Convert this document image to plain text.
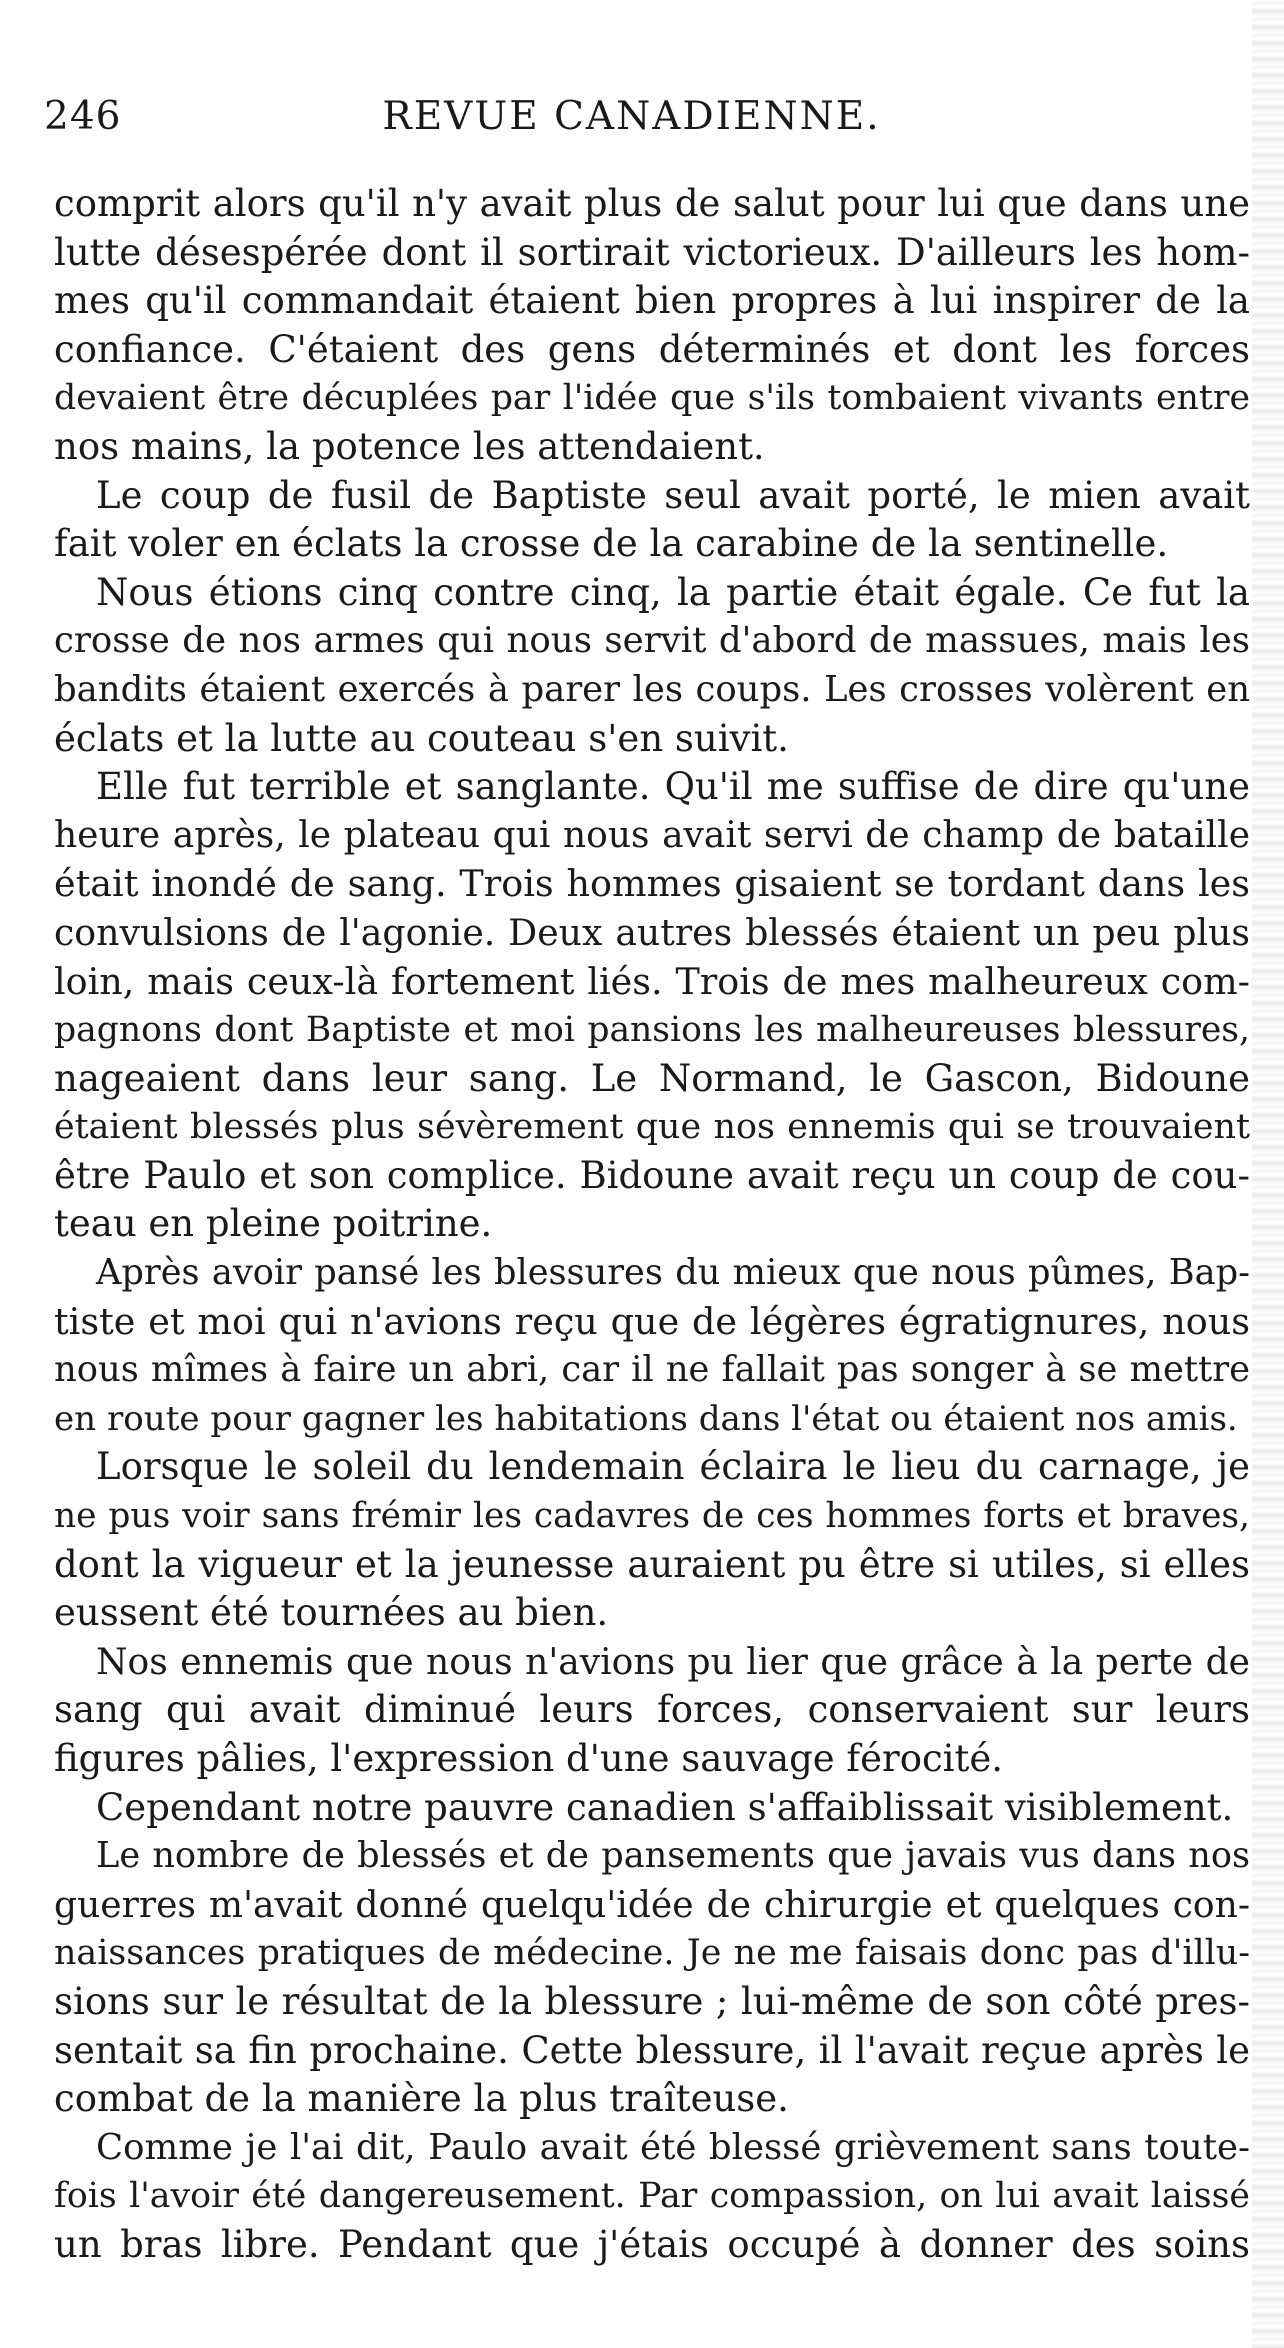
246	REVUE CANADIENNE.
comprit alors qu'il n'y avait plus de salut pour lui que dans une
lutte désespérée dont il sortirait victorieux. D'ailleurs les hom-
mes qu'il commandait étaient bien propres à lui inspirer de la
confiance. C'étaient des gens déterminés et dont les forces
devaient être décuplées par l'idée que s'ils tombaient vivants entre
nos mains, la potence les attendaient.
Le coup de fusil de Baptiste seul avait porté, le mien avait
fait voler en éclats la crosse de la carabine de la sentinelle.
Nous étions cinq contre cinq, la partie était égale. Ce fut la
crosse de nos armes qui nous servit d'abord de massues, mais les
bandits étaient exercés à parer les coups. Les crosses volèrent en
éclats et la lutte au couteau s'en suivit.
Elle fut terrible et sanglante. Qu'il me suffise de dire qu'une
heure après, le plateau qui nous avait servi de champ de bataille
était inondé de sang. Trois hommes gisaient se tordant dans les
convulsions de l'agonie. Deux autres blessés étaient un peu plus
loin, mais ceux-là fortement liés. Trois de mes malheureux com-
pagnons dont Baptiste et moi pansions les malheureuses blessures,
nageaient dans leur sang. Le Normand, le Gascon, Bidoune
étaient blessés plus sévèrement que nos ennemis qui se trouvaient
être Paulo et son complice. Bidoune avait reçu un coup de cou-
teau en pleine poitrine.
Après avoir pansé les blessures du mieux que nous pûmes, Bap-
tiste et moi qui n'avions reçu que de légères égratignures, nous
nous mîmes à faire un abri, car il ne fallait pas songer à se mettre
en route pour gagner les habitations dans l'état ou étaient nos amis.
Lorsque le soleil du lendemain éclaira le lieu du carnage, je
ne pus voir sans frémir les cadavres de ces hommes forts et braves,
dont la vigueur et la jeunesse auraient pu être si utiles, si elles
eussent été tournées au bien.
Nos ennemis que nous n'avions pu lier que grâce à la perte de
sang qui avait diminué leurs forces, conservaient sur leurs
figures pâlies, l'expression d'une sauvage férocité.
Cependant notre pauvre canadien s'affaiblissait visiblement.
Le nombre de blessés et de pansements que javais vus dans nos
guerres m'avait donné quelqu'idée de chirurgie et quelques con-
naissances pratiques de médecine. Je ne me faisais donc pas d'illu-
sions sur le résultat de la blessure ; lui-même de son côté pres-
sentait sa fin prochaine. Cette blessure, il l'avait reçue après le
combat de la manière la plus traîteuse.
Comme je l'ai dit, Paulo avait été blessé grièvement sans toute-
fois l'avoir été dangereusement. Par compassion, on lui avait laissé
un bras libre. Pendant que j'étais occupé à donner des soins
